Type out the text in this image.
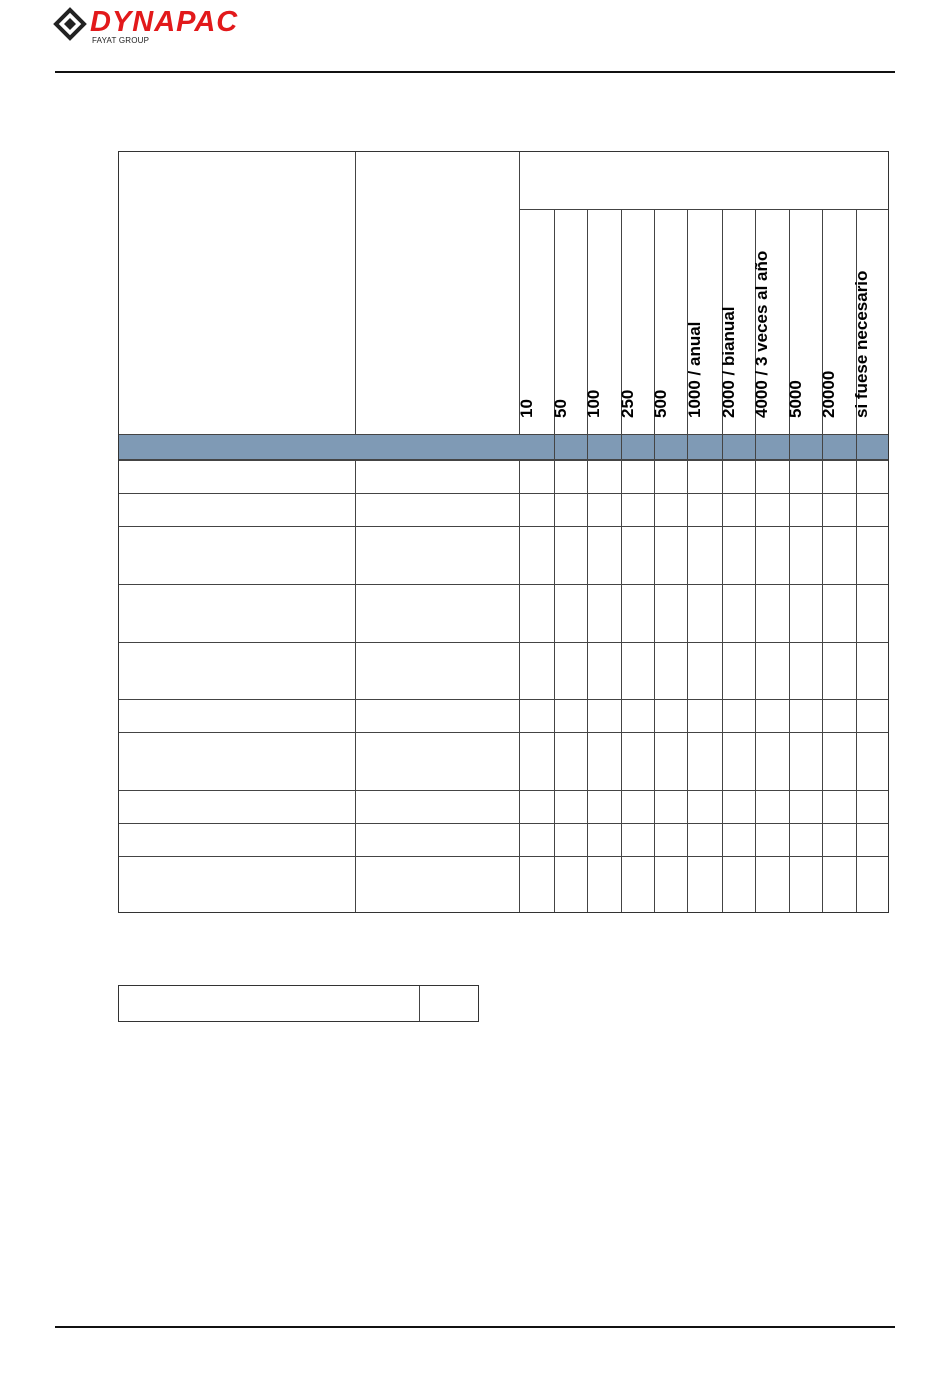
DYNAPAC
FAYAT GROUP
10 50 100 250 500 1000 / anual 2000 / bianual 4000 / 3 veces al año 5000 20000 si fuese necesario
